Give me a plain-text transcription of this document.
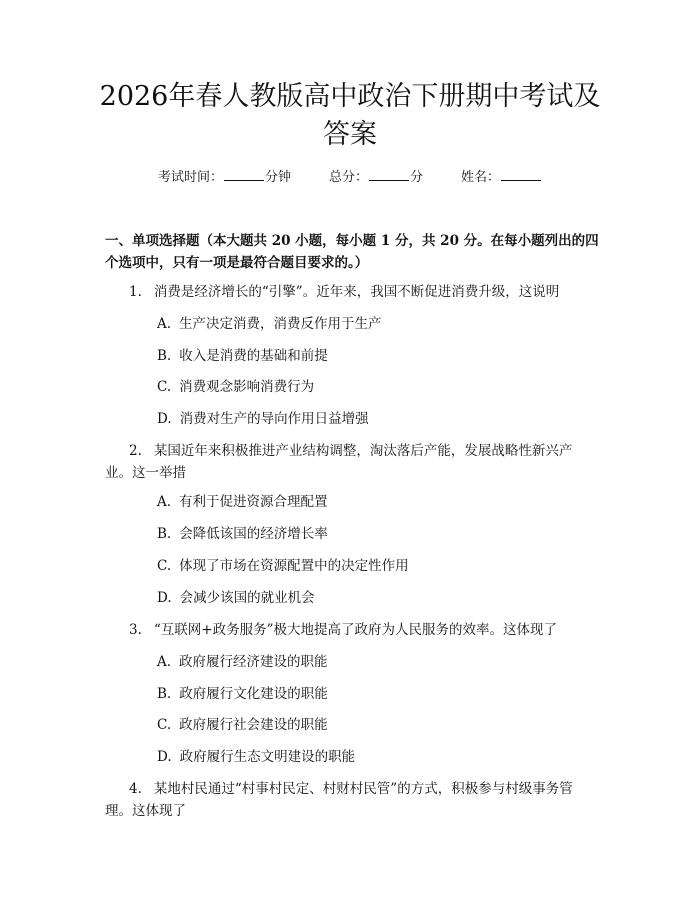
2026年春人教版高中政治下册期中考试及答案
考试时间：	分钟	总分：	分	姓名：

一、单项选择题（本大题共 20 小题，每小题 1 分，共 20 分。在每小题列出的四个选项中，只有一项是最符合题目要求的。）

1. 消费是经济增长的“引擎”。近年来，我国不断促进消费升级，这说明
A. 生产决定消费，消费反作用于生产
B. 收入是消费的基础和前提
C. 消费观念影响消费行为
D. 消费对生产的导向作用日益增强
2. 某国近年来积极推进产业结构调整，淘汰落后产能，发展战略性新兴产业。这一举措
A. 有利于促进资源合理配置
B. 会降低该国的经济增长率
C. 体现了市场在资源配置中的决定性作用
D. 会减少该国的就业机会
3. “互联网+政务服务”极大地提高了政府为人民服务的效率。这体现了
A. 政府履行经济建设的职能
B. 政府履行文化建设的职能
C. 政府履行社会建设的职能
D. 政府履行生态文明建设的职能
4. 某地村民通过“村事村民定、村财村民管”的方式，积极参与村级事务管理。这体现了
